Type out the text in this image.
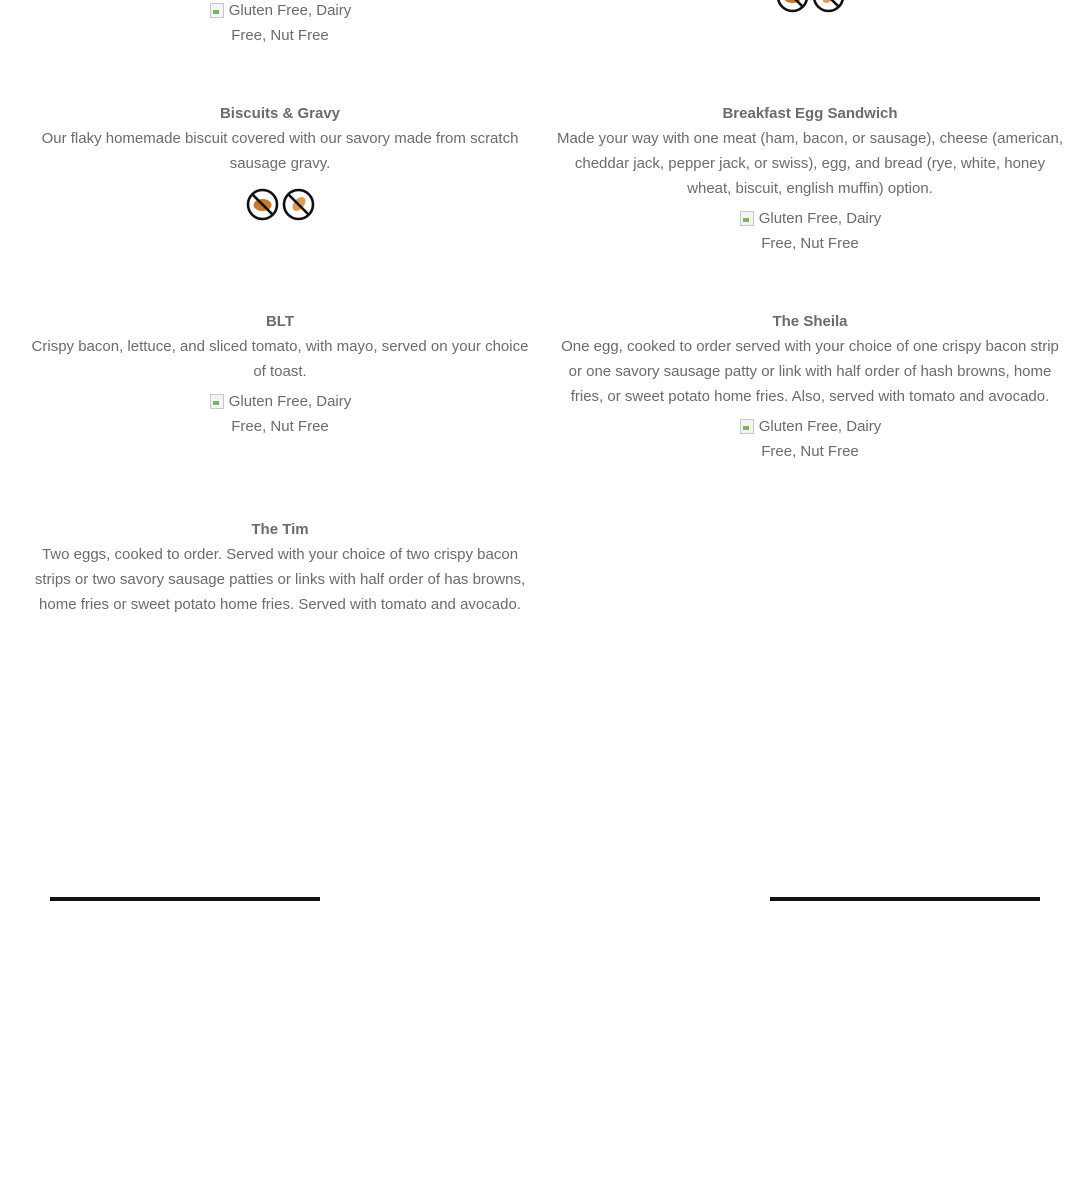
Gluten Free, Dairy Free, Nut Free
Biscuits & Gravy
Our flaky homemade biscuit covered with our savory made from scratch sausage gravy.
Breakfast Egg Sandwich
Made your way with one meat (ham, bacon, or sausage), cheese (american, cheddar jack, pepper jack, or swiss), egg, and bread (rye, white, honey wheat, biscuit, english muffin) option.
Gluten Free, Dairy Free, Nut Free
BLT
Crispy bacon, lettuce, and sliced tomato, with mayo, served on your choice of toast.
Gluten Free, Dairy Free, Nut Free
The Sheila
One egg, cooked to order served with your choice of one crispy bacon strip or one savory sausage patty or link with half order of hash browns, home fries, or sweet potato home fries. Also, served with tomato and avocado.
Gluten Free, Dairy Free, Nut Free
The Tim
Two eggs, cooked to order. Served with your choice of two crispy bacon strips or two savory sausage patties or links with half order of has browns, home fries or sweet potato home fries. Served with tomato and avocado.
